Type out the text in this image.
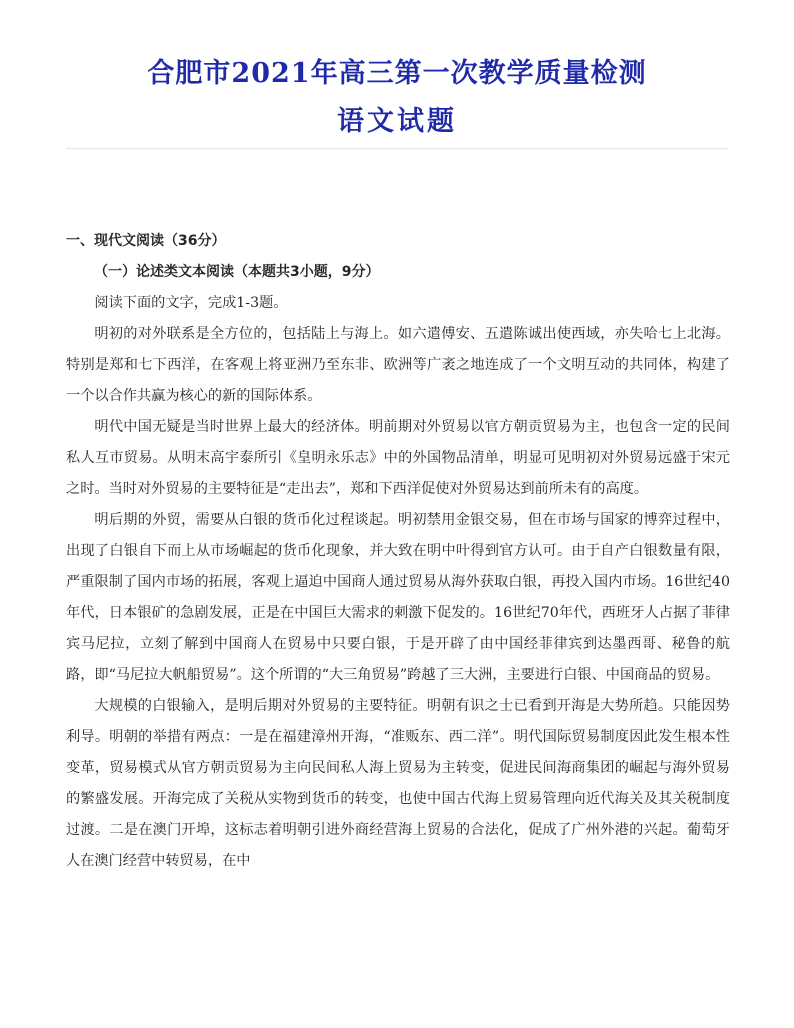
合肥市2021年高三第一次教学质量检测
语文试题

一、现代文阅读（36分）

（一）论述类文本阅读（本题共3小题，9分）

阅读下面的文字，完成1-3题。

明初的对外联系是全方位的，包括陆上与海上。如六遣傅安、五遣陈诚出使西域，亦失哈七上北海。特别是郑和七下西洋，在客观上将亚洲乃至东非、欧洲等广袤之地连成了一个文明互动的共同体，构建了一个以合作共赢为核心的新的国际体系。

明代中国无疑是当时世界上最大的经济体。明前期对外贸易以官方朝贡贸易为主，也包含一定的民间私人互市贸易。从明末高宇泰所引《皇明永乐志》中的外国物品清单，明显可见明初对外贸易远盛于宋元之时。当时对外贸易的主要特征是“走出去”，郑和下西洋促使对外贸易达到前所未有的高度。

明后期的外贸，需要从白银的货币化过程谈起。明初禁用金银交易，但在市场与国家的博弈过程中，出现了白银自下而上从市场崛起的货币化现象，并大致在明中叶得到官方认可。由于自产白银数量有限，严重限制了国内市场的拓展，客观上逼迫中国商人通过贸易从海外获取白银，再投入国内市场。16世纪40年代，日本银矿的急剧发展，正是在中国巨大需求的刺激下促发的。16世纪70年代，西班牙人占据了菲律宾马尼拉，立刻了解到中国商人在贸易中只要白银，于是开辟了由中国经菲律宾到达墨西哥、秘鲁的航路，即“马尼拉大帆船贸易”。这个所谓的“大三角贸易”跨越了三大洲，主要进行白银、中国商品的贸易。

大规模的白银输入，是明后期对外贸易的主要特征。明朝有识之士已看到开海是大势所趋。只能因势利导。明朝的举措有两点：一是在福建漳州开海，“准贩东、西二洋”。明代国际贸易制度因此发生根本性变革，贸易模式从官方朝贡贸易为主向民间私人海上贸易为主转变，促进民间海商集团的崛起与海外贸易的繁盛发展。开海完成了关税从实物到货币的转变，也使中国古代海上贸易管理向近代海关及其关税制度过渡。二是在澳门开埠，这标志着明朝引进外商经营海上贸易的合法化，促成了广州外港的兴起。葡萄牙人在澳门经营中转贸易，在中
